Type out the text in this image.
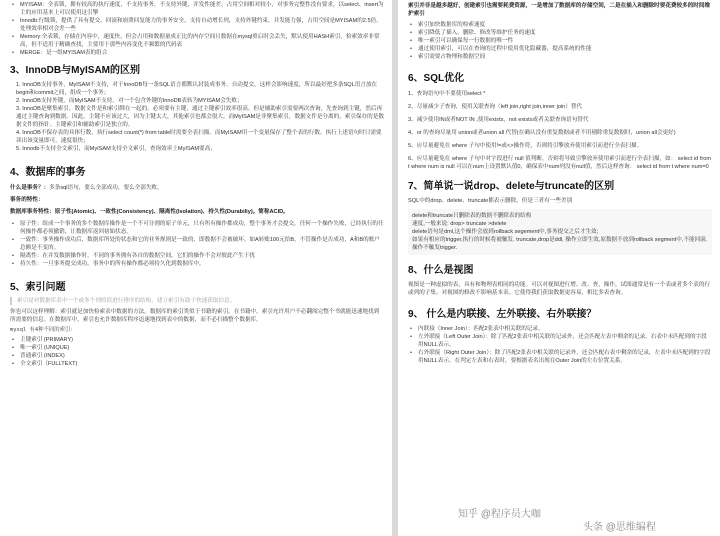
• MYISAM：全表锁，拥有较高的执行速度，不支持事务，不支持外键，并发性能差，占用空间相对较小，对事务完整性没有要求，以select、insert为主的应用基本上可以使用这引擎
• Innodb:行级锁，提供了具有提交、回滚和崩溃回复能力的事务安全，支持自动增长列，支持外键约束，并发能力强，占用空间是MYISAM的2.5倍，处理效率相对会差一些
• Memory:全表锁，存储在内容中，速度快，但会占用和数据量成正比的内存空间且数据在mysql重启时会丢失，默认使用HASH索引，检索效率非常高，但不适用于精确查找，主要用于那些内容变化不频繁的代码表
• MERGE：是一组MYISAM表的组合
3、InnoDB与MyISAM的区别
1. InnoDB支持事务，MyISAM不支持，对于InnoDB每一条SQL语言都默认封装成事务，自动提交，这样会影响速度，所以最好把多条SQL语言放在begin和commit之间，组成一个事务；
2. InnoDB支持外键，而MyISAM不支持。对一个包含外键的InnoDB表转为MYISAM会失败；
3. InnoDB是聚集索引，数据文件是和索引绑在一起的，必须要有主键，通过主键索引效率很高。但是辅助索引需要两次查询，先查询到主键，然后再通过主键查询到数据。因此，主键不应该过大，因为主键太大，其他索引也都会很大。而MyISAM是非聚集索引，数据文件是分离的，索引保存的是数据文件的指针。主键索引和辅助索引是独立的。
4. InnoDB不保存表的具体行数，执行select count(*) from table时需要全表扫描。而MyISAM用一个变量保存了整个表的行数，执行上述语句时只需要读出该变量即可，速度很快；
5. Innodb不支持全文索引，而MyISAM支持全文索引，查询效率上MyISAM要高；
4、数据库的事务

什么是事务？：多条sql语句，要么全部成功，要么全部失败。

事务的特性：

数据库事务特性：原子性(Atomic)、一致性(Consistency)、隔离性(Isolation)、持久性(Durabiliy)。简称ACID。

• 原子性：组成一个事务的多个数据库操作是一个不可分割的原子单元，只有所有操作都成功，整个事务才会提交。任何一个操作失败，已经执行的任何操作都必须撤销，让数据库返回初始状态。
• 一致性：事务操作成功后，数据库所处的状态和它的业务规则是一致的，即数据不会被破坏。如A转账100元给B，不管操作是否成功，A和B的账户总额是不变的。
• 隔离性：在并发数据操作时，不同的事务拥有各自的数据空间，它们的操作不会对彼此产生干扰
• 持久性：一旦事务提交成功，事务中的所有操作都必须持久化到数据库中。
5、索引问题
索引是对数据库表中一个或多个列的值进行排序的结构，建立索引有助于快速获取信息。

你也可以这样理解：索引就是加快检索表中数据的方法。数据库的索引类似于书籍的索引。在书籍中，索引允许用户不必翻阅完整个书就能迅速地找到所需要的信息。在数据库中，索引也允许数据库程序迅速地找到表中的数据，而不必扫描整个数据库。

mysql 有4种不同的索引：
• 主键索引 (PRIMARY)
• 唯一索引 (UNIQUE)
• 普通索引 (INDEX)
• 全文索引（FULLTEXT)

索引并非是越多越好，创建索引也需要耗费资源，一是增加了数据库的存储空间，二是在插入和删除时要花费较多的时间维护索引

• 索引加快数据库的检索速度
• 索引降低了插入、删除、修改等维护任务的速度
• 唯一索引可以确保每一行数据的唯一性
• 通过使用索引，可以在查询的过程中使用优化隐藏器，提高系统的性能
• 索引需要占物理和数据空间
6、SQL优化
1、查询语句中不要使用select *
2、尽量减少子查询，使用关联查询（left join,right join,inner join）替代
3、减少使用IN或者NOT IN ,使用exists，not exists或者关联查询语句替代
4、or 的查询尽量用 union或者union all 代替(在确认没有重复数据或者不用剔除重复数据时，union all会更好)
5、应尽量避免在 where 子句中使用!=或<>操作符，否则将引擎放弃使用索引而进行全表扫描。
6、应尽量避免在 where 子句中对字段进行 null 值判断，否则将导致引擎放弃使用索引而进行全表扫描，如： select id from t where num is null 可以在num上设置默认值0，确保表中num列没有null值，然后这样查询： select id from t where num=0
7、简单说一说drop、delete与truncate的区别

SQL中的drop、delete、truncate都表示删除，但是三者有一些差别

delete和truncate只删除表的数据不删除表的结构
速度,一般来说: drop> truncate >delete
delete语句是dml,这个操作会放到rollback segement中,事务提交之后才生效;
如果有相应的trigger,执行的时候将被触发. truncate,drop是ddl, 操作立即生效,原数据不放到rollback segment中,不能回滚. 操作不触发trigger.
8、什么是视图

视图是一种虚拟的表，具有和物理表相同的功能。可以对视图进行增、改、查，操作，试图通常是有一个表或者多个表的行或列的子集。对视图的修改不影响基本表。它使得我们获取数据更容易，相比多表查询。

9、 什么是内联接、左外联接、右外联接？
• 内联接（Inner Join）：匹配2张表中相关联的记录。
• 左外联接（Left Outer Join）：除了匹配2张表中相关联的记录外，还会匹配左表中剩余的记录，右表中未匹配到的字段用NULL表示。
• 右外联接（Right Outer Join）：除了匹配2张表中相关联的记录外，还会匹配右表中剩余的记录，左表中未匹配到的字段用NULL表示。在判定左表和右表时，要根据表名出现在Outer Join的左右位置关系。
知乎 @程序员大咖
头条 @思维编程
